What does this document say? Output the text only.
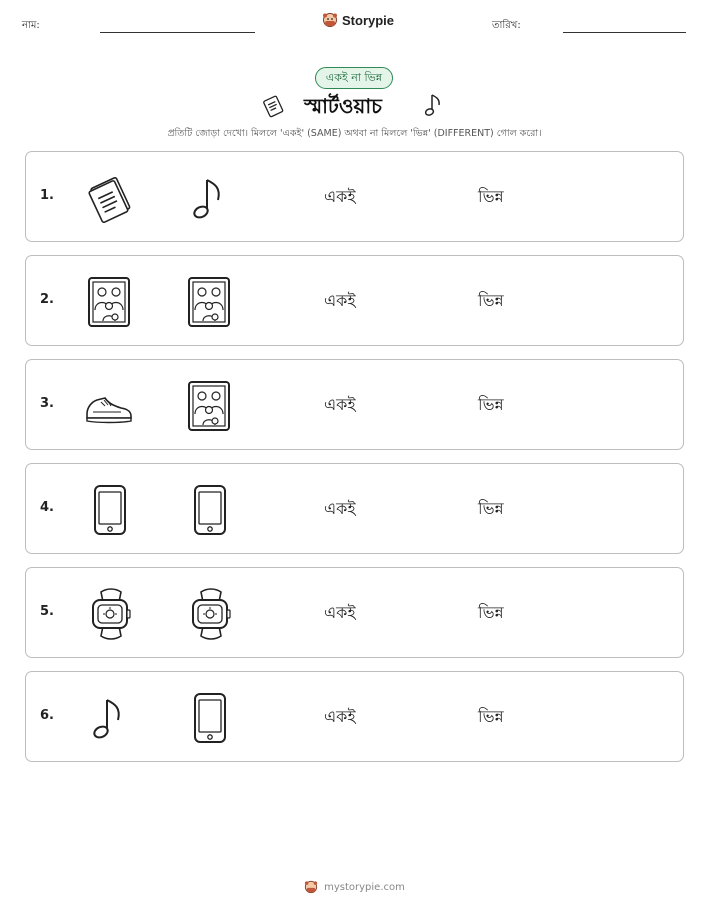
নাম:	Storypie	তারিখ:
একই না ভিন্ন
স্মার্টওয়াচ
প্রতিটি জোড়া দেখো। মিললে 'একই' (SAME) অথবা না মিললে 'ভিন্ন' (DIFFERENT) গোল করো।
1.	একই	ভিন্ন
2.	একই	ভিন্ন
3.	একই	ভিন্ন
4.	একই	ভিন্ন
5.	একই	ভিন্ন
6.	একই	ভিন্ন
mystorypie.com
